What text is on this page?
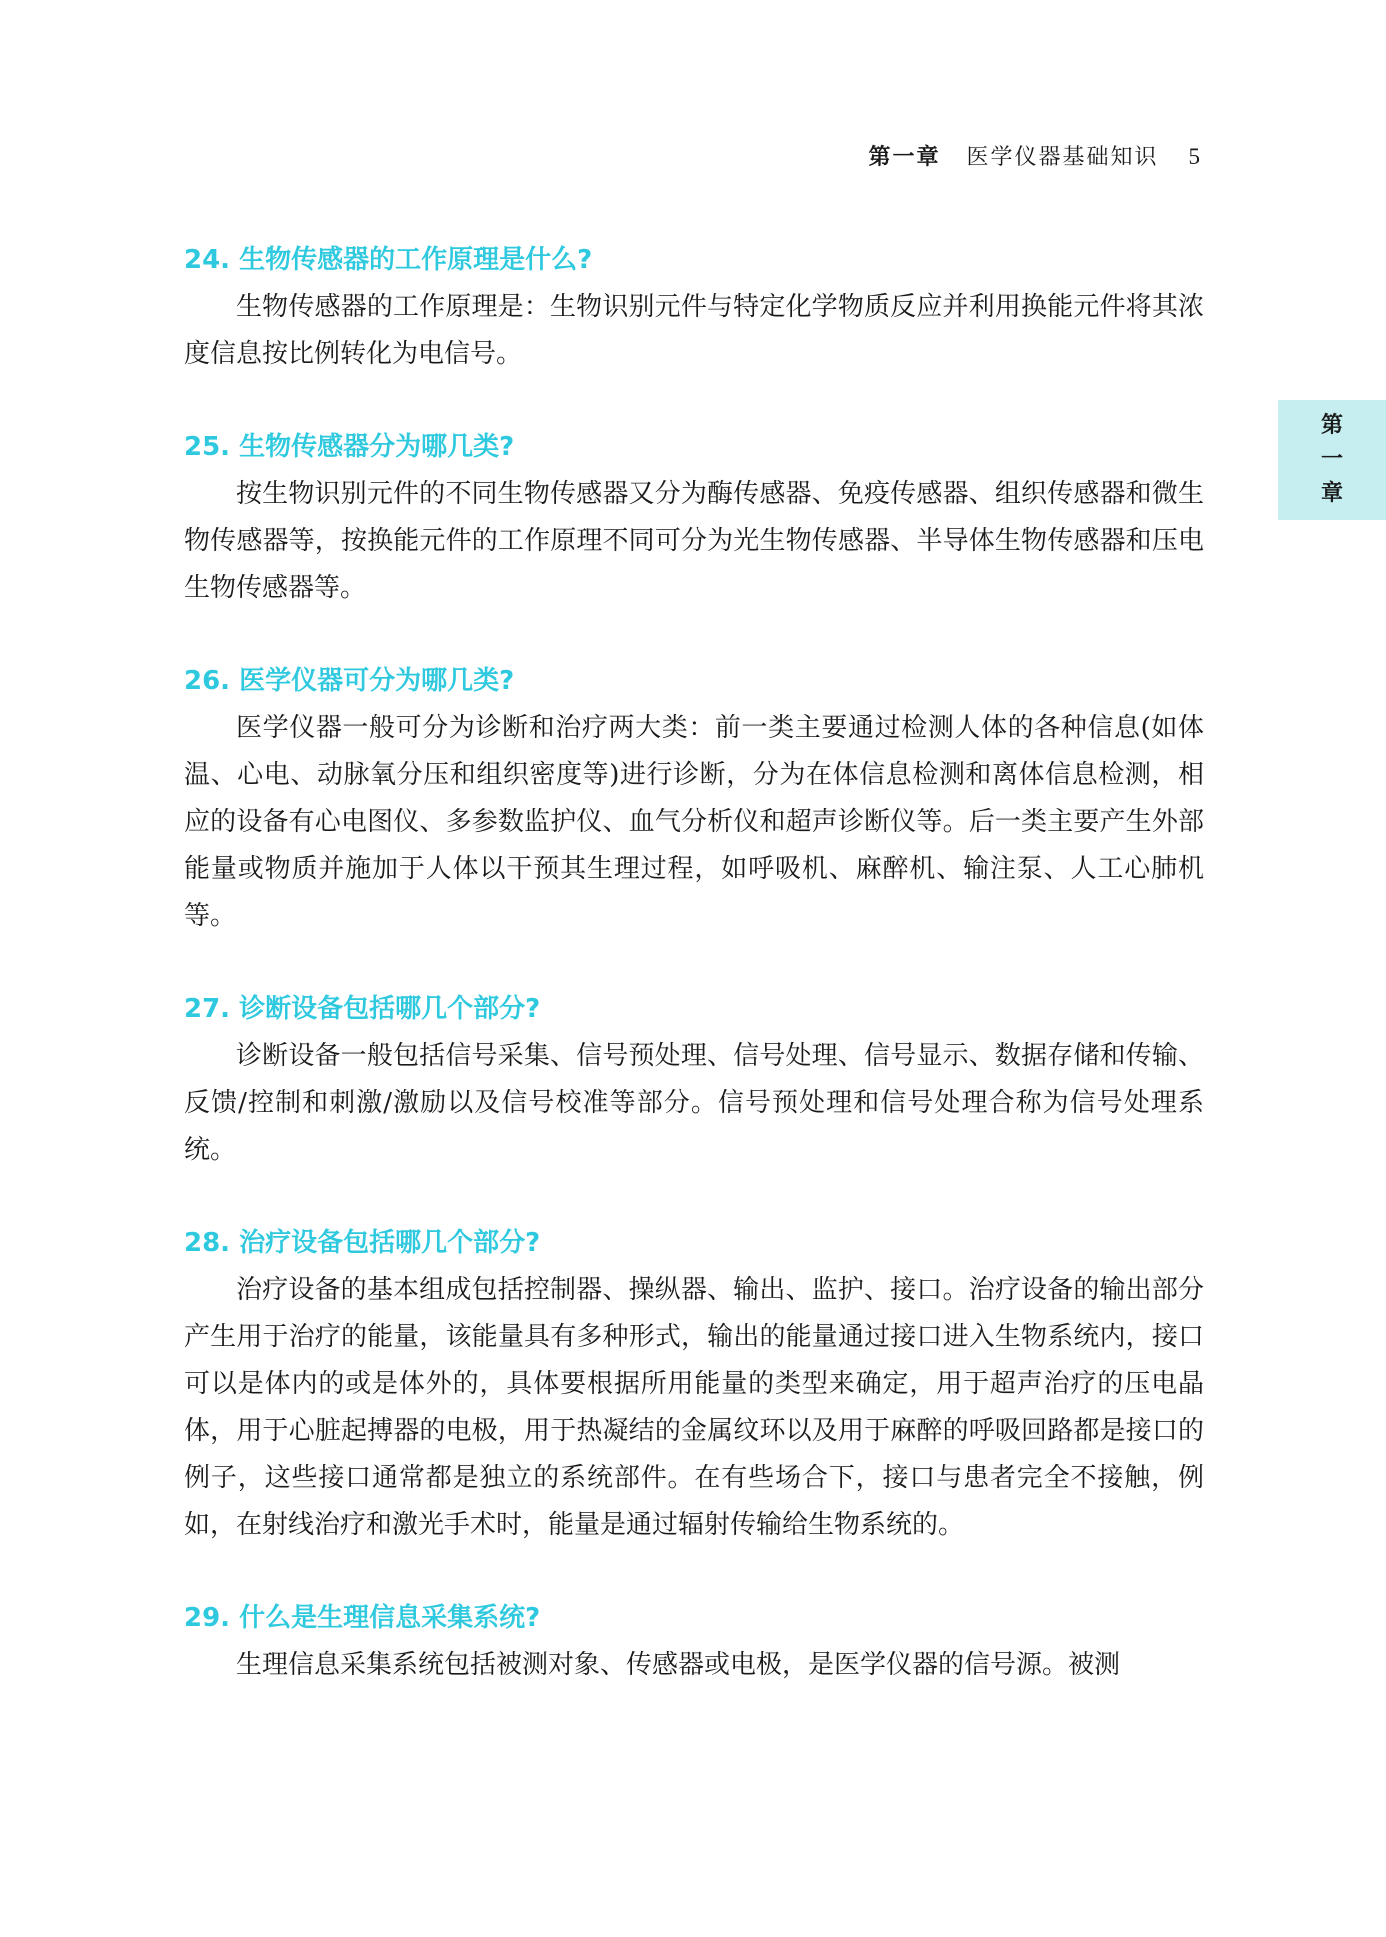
第一章 医学仪器基础知识 5
第
一
章

24. 生物传感器的工作原理是什么?

生物传感器的工作原理是：生物识别元件与特定化学物质反应并利用换能元件将其浓度信息按比例转化为电信号。

25. 生物传感器分为哪几类?

按生物识别元件的不同生物传感器又分为酶传感器、免疫传感器、组织传感器和微生物传感器等，按换能元件的工作原理不同可分为光生物传感器、半导体生物传感器和压电生物传感器等。

26. 医学仪器可分为哪几类?

医学仪器一般可分为诊断和治疗两大类：前一类主要通过检测人体的各种信息(如体温、心电、动脉氧分压和组织密度等)进行诊断，分为在体信息检测和离体信息检测，相应的设备有心电图仪、多参数监护仪、血气分析仪和超声诊断仪等。后一类主要产生外部能量或物质并施加于人体以干预其生理过程，如呼吸机、麻醉机、输注泵、人工心肺机等。

27. 诊断设备包括哪几个部分?

诊断设备一般包括信号采集、信号预处理、信号处理、信号显示、数据存储和传输、反馈/控制和刺激/激励以及信号校准等部分。信号预处理和信号处理合称为信号处理系统。

28. 治疗设备包括哪几个部分?

治疗设备的基本组成包括控制器、操纵器、输出、监护、接口。治疗设备的输出部分产生用于治疗的能量，该能量具有多种形式，输出的能量通过接口进入生物系统内，接口可以是体内的或是体外的，具体要根据所用能量的类型来确定，用于超声治疗的压电晶体，用于心脏起搏器的电极，用于热凝结的金属纹环以及用于麻醉的呼吸回路都是接口的例子，这些接口通常都是独立的系统部件。在有些场合下，接口与患者完全不接触，例如，在射线治疗和激光手术时，能量是通过辐射传输给生物系统的。

29. 什么是生理信息采集系统?

生理信息采集系统包括被测对象、传感器或电极，是医学仪器的信号源。被测
